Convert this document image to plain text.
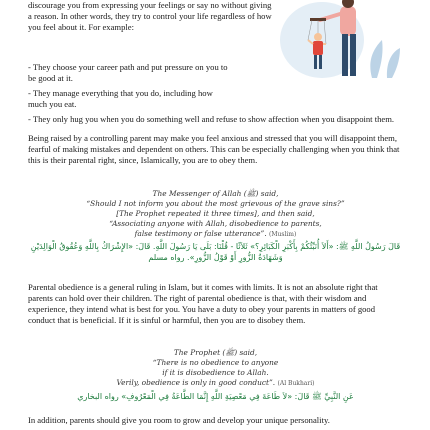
discourage you from expressing your feelings or say no without giving a reason. In other words, they try to control your life regardless of how you feel about it. For example:
- They choose your career path and put pressure on you to be good at it.
- They manage everything that you do, including how much you eat.
- They only hug you when you do something well and refuse to show affection when you disappoint them.
Being raised by a controlling parent may make you feel anxious and stressed that you will disappoint them, fearful of making mistakes and dependent on others. This can be especially challenging when you think that this is their parental right, since, Islamically, you are to obey them.
The Messenger of Allah (ﷺ) said,
“Should I not inform you about the most grievous of the grave sins?”
[The Prophet repeated it three times], and then said,
“Associating anyone with Allah, disobedience to parents,
false testimony or false utterance”. (Muslim)
قَالَ رَسُولُ اللَّهِ ﷺ: «أَلاَ أُنَبِّئُكُمْ بِأَكْبَرِ الْكَبَائِرِ؟» ثَلاَثًا - قُلْنَا: بَلَى يَا رَسُولَ اللَّهِ. قَالَ: «الإِشْرَاكُ بِاللَّهِ وَعُقُوقُ الْوَالِدَيْنِ
وَشَهَادَةُ الزُّورِ أَوْ قَوْلُ الزُّورِ». رواه مسلم
Parental obedience is a general ruling in Islam, but it comes with limits. It is not an absolute right that parents can hold over their children. The right of parental obedience is that, with their wisdom and experience, they intend what is best for you. You have a duty to obey your parents in matters of good conduct that is beneficial. If it is sinful or harmful, then you are to disobey them.
The Prophet (ﷺ) said,
“There is no obedience to anyone
if it is disobedience to Allah.
Verily, obedience is only in good conduct”. (Al Bukhari)
عَنِ النَّبِيِّ ﷺ قَالَ: «لاَ طَاعَةَ فِي مَعْصِيَةِ اللَّهِ إِنَّمَا الطَّاعَةُ فِي الْمَعْرُوفِ» رواه البخاري
In addition, parents should give you room to grow and develop your unique personality.
